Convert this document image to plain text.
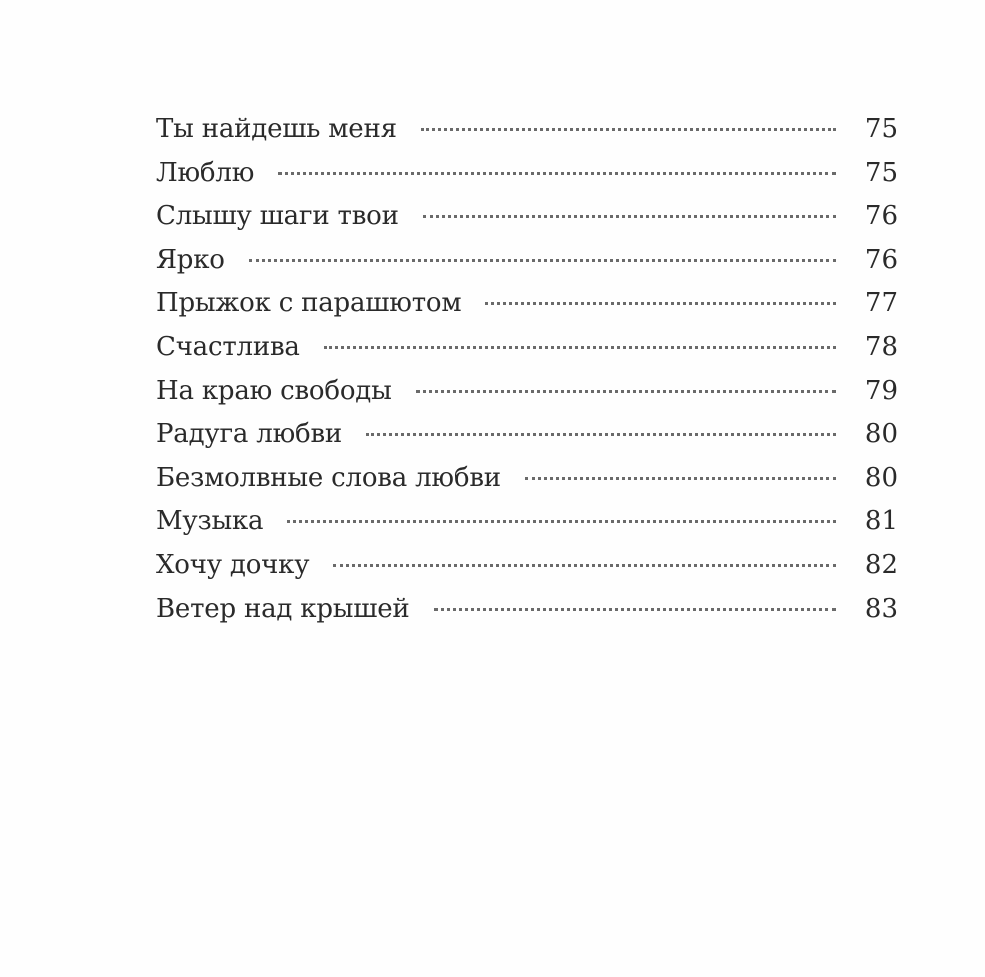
Ты найдешь меня	75
Люблю	75
Слышу шаги твои	76
Ярко	76
Прыжок с парашютом	77
Счастлива	78
На краю свободы	79
Радуга любви	80
Безмолвные слова любви	80
Музыка	81
Хочу дочку	82
Ветер над крышей	83
